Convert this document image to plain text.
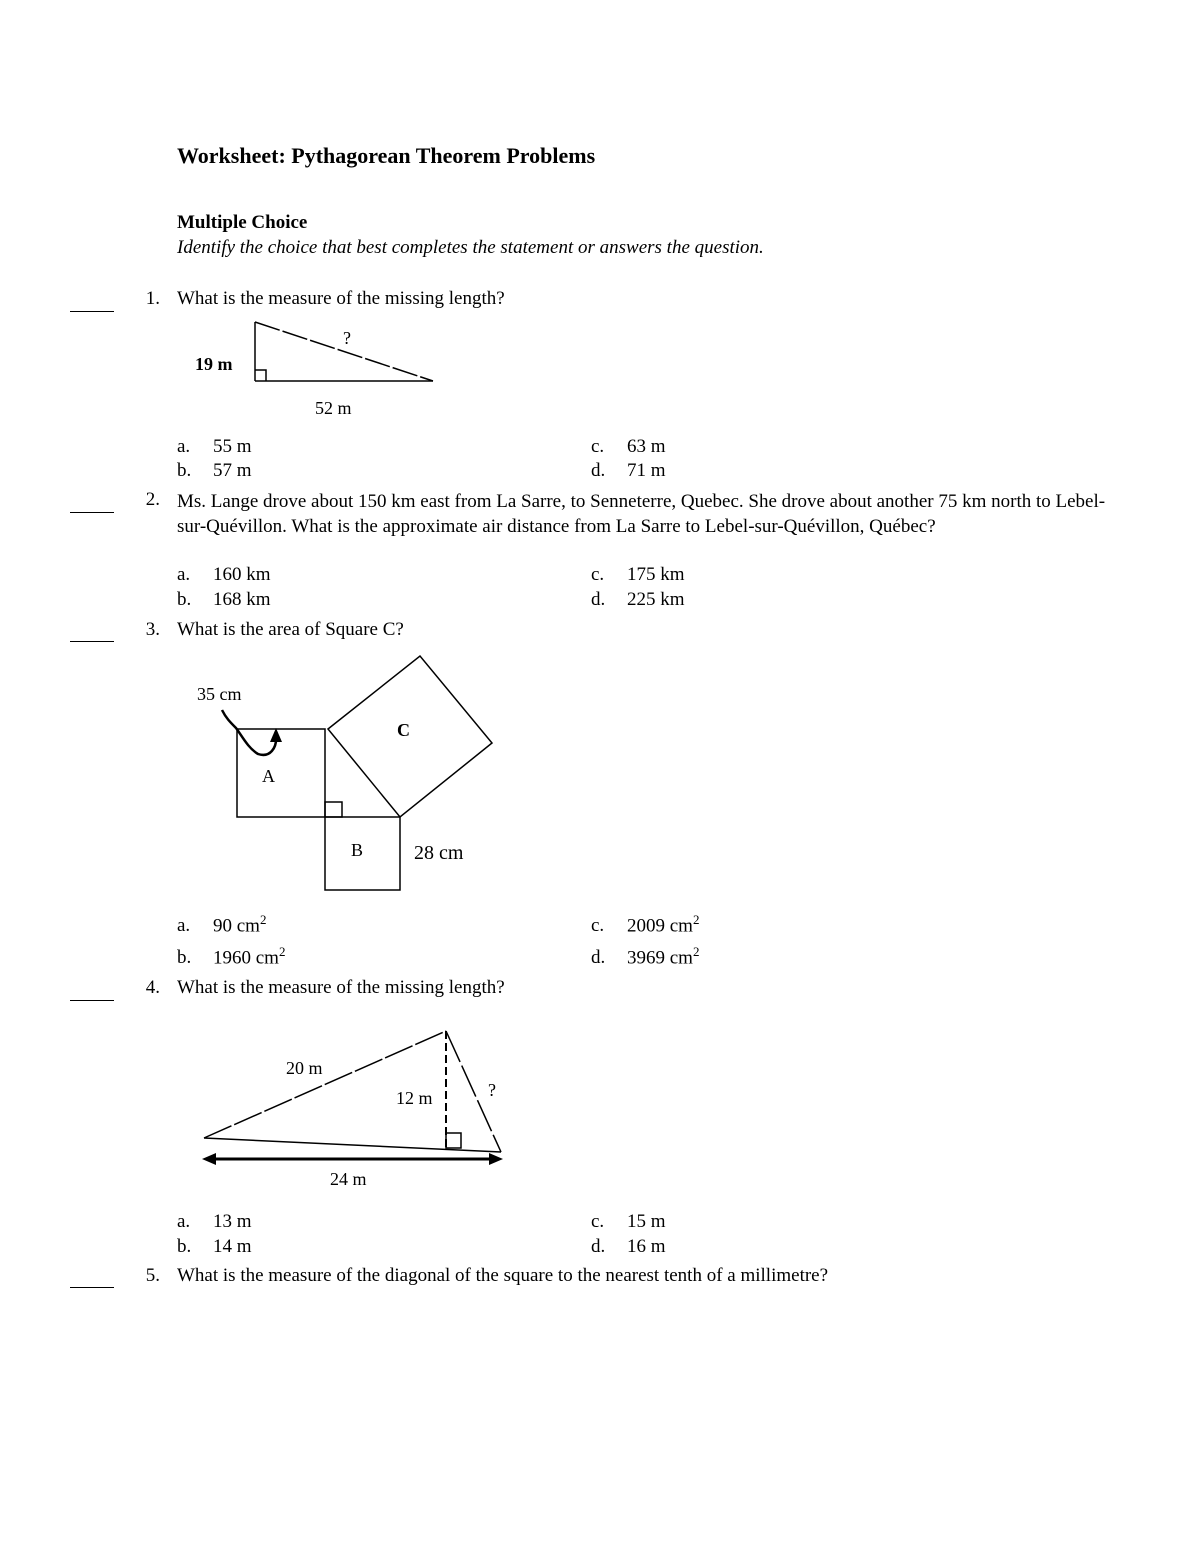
Worksheet: Pythagorean Theorem Problems
Multiple Choice
Identify the choice that best completes the statement or answers the question.
1. What is the measure of the missing length?
19 m
52 m
?
a. 55 m
b. 57 m
c. 63 m
d. 71 m
2. Ms. Lange drove about 150 km east from La Sarre, to Senneterre, Quebec. She drove about another 75 km north to Lebel-sur-Quévillon. What is the approximate air distance from La Sarre to Lebel-sur-Quévillon, Québec?
a. 160 km
b. 168 km
c. 175 km
d. 225 km
3. What is the area of Square C?
35 cm
A
B
C
28 cm
a. 90 $cm^2$
b. 1960 $cm^2$
c. 2009 $cm^2$
d. 3969 $cm^2$
4. What is the measure of the missing length?
20 m
12 m
24 m
?
a. 13 m
b. 14 m
c. 15 m
d. 16 m
5. What is the measure of the diagonal of the square to the nearest tenth of a millimetre?
